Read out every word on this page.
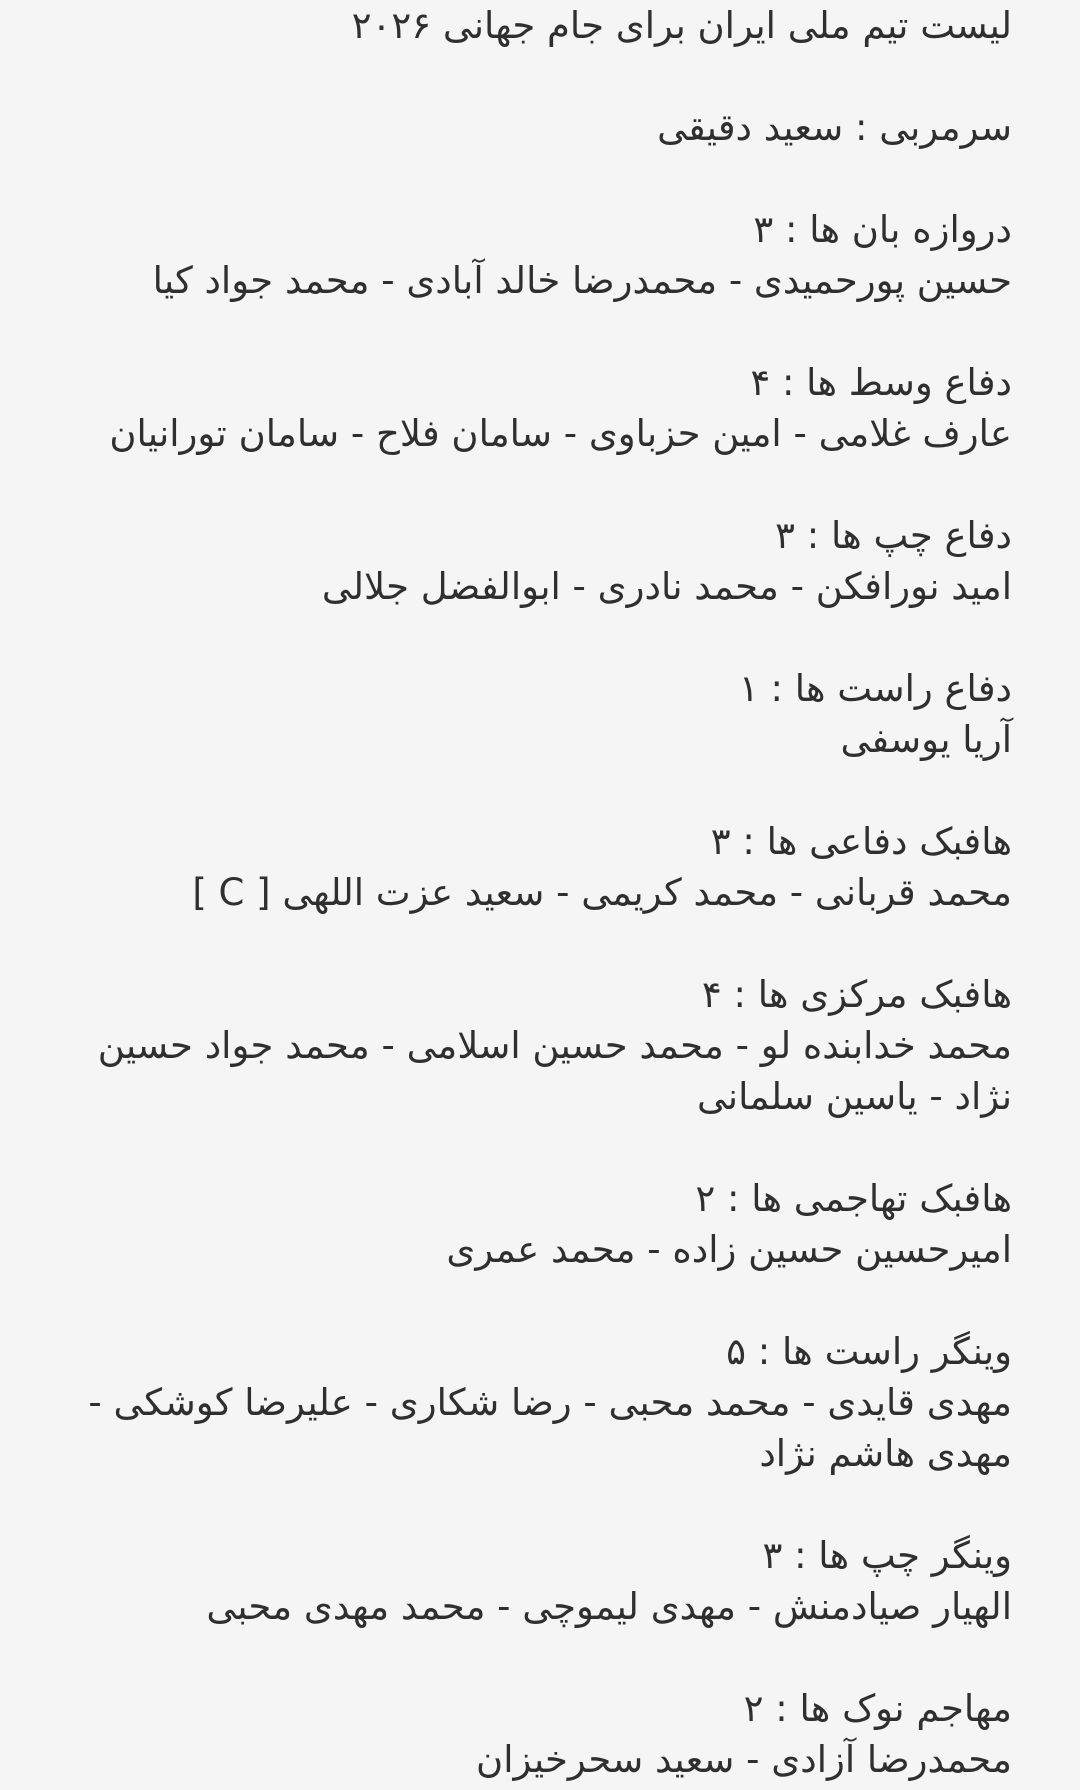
لیست تیم ملی ایران برای جام جهانی ۲۰۲۶
سرمربی : سعید دقیقی
دروازه بان ها : ۳
حسین پورحمیدی - محمدرضا خالد آبادی - محمد جواد کیا
دفاع وسط ها : ۴
عارف غلامی - امین حزباوی - سامان فلاح - سامان تورانیان
دفاع چپ ها : ۳
امید نورافکن - محمد نادری - ابوالفضل جلالی
دفاع راست ها : ۱
آریا یوسفی
هافبک دفاعی ها : ۳
محمد قربانی - محمد کریمی - سعید عزت اللهی [ C ]
هافبک مرکزی ها : ۴
محمد خدابنده لو - محمد حسین اسلامی - محمد جواد حسین نژاد - یاسین سلمانی
هافبک تهاجمی ها : ۲
امیرحسین حسین زاده - محمد عمری
وینگر راست ها : ۵
مهدی قایدی - محمد محبی - رضا شکاری - علیرضا کوشکی - مهدی هاشم نژاد
وینگر چپ ها : ۳
الهیار صیادمنش - مهدی لیموچی - محمد مهدی محبی
مهاجم نوک ها : ۲
محمدرضا آزادی - سعید سحرخیزان
